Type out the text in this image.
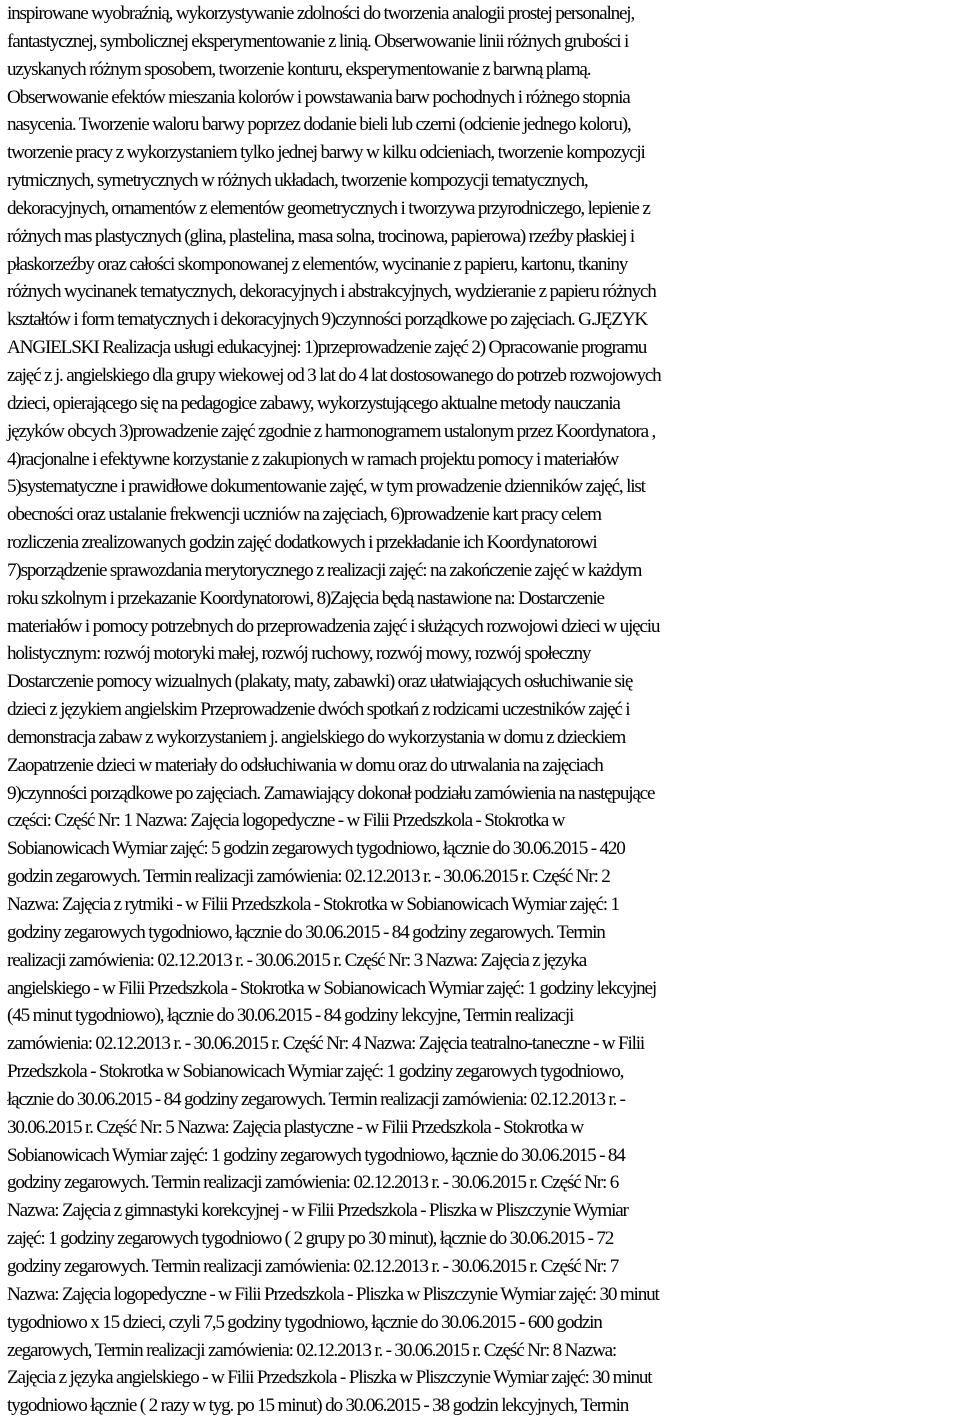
inspirowane wyobraźnią, wykorzystywanie zdolności do tworzenia analogii prostej personalnej,
fantastycznej, symbolicznej eksperymentowanie z linią. Obserwowanie linii różnych grubości i
uzyskanych różnym sposobem, tworzenie konturu, eksperymentowanie z barwną plamą.
Obserwowanie efektów mieszania kolorów i powstawania barw pochodnych i różnego stopnia
nasycenia. Tworzenie waloru barwy poprzez dodanie bieli lub czerni (odcienie jednego koloru),
tworzenie pracy z wykorzystaniem tylko jednej barwy w kilku odcieniach, tworzenie kompozycji
rytmicznych, symetrycznych w różnych układach, tworzenie kompozycji tematycznych,
dekoracyjnych, ornamentów z elementów geometrycznych i tworzywa przyrodniczego, lepienie z
różnych mas plastycznych (glina, plastelina, masa solna, trocinowa, papierowa) rzeźby płaskiej i
płaskorzeźby oraz całości skomponowanej z elementów, wycinanie z papieru, kartonu, tkaniny
różnych wycinanek tematycznych, dekoracyjnych i abstrakcyjnych, wydzieranie z papieru różnych
kształtów i form tematycznych i dekoracyjnych 9)czynności porządkowe po zajęciach. G.JĘZYK
ANGIELSKI Realizacja usługi edukacyjnej: 1)przeprowadzenie zajęć 2) Opracowanie programu
zajęć z j. angielskiego dla grupy wiekowej od 3 lat do 4 lat dostosowanego do potrzeb rozwojowych
dzieci, opierającego się na pedagogice zabawy, wykorzystującego aktualne metody nauczania
języków obcych 3)prowadzenie zajęć zgodnie z harmonogramem ustalonym przez Koordynatora ,
4)racjonalne i efektywne korzystanie z zakupionych w ramach projektu pomocy i materiałów
5)systematyczne i prawidłowe dokumentowanie zajęć, w tym prowadzenie dzienników zajęć, list
obecności oraz ustalanie frekwencji uczniów na zajęciach, 6)prowadzenie kart pracy celem
rozliczenia zrealizowanych godzin zajęć dodatkowych i przekładanie ich Koordynatorowi
7)sporządzenie sprawozdania merytorycznego z realizacji zajęć: na zakończenie zajęć w każdym
roku szkolnym i przekazanie Koordynatorowi, 8)Zajęcia będą nastawione na: Dostarczenie
materiałów i pomocy potrzebnych do przeprowadzenia zajęć i służących rozwojowi dzieci w ujęciu
holistycznym: rozwój motoryki małej, rozwój ruchowy, rozwój mowy, rozwój społeczny
Dostarczenie pomocy wizualnych (plakaty, maty, zabawki) oraz ułatwiających osłuchiwanie się
dzieci z językiem angielskim Przeprowadzenie dwóch spotkań z rodzicami uczestników zajęć i
demonstracja zabaw z wykorzystaniem j. angielskiego do wykorzystania w domu z dzieckiem
Zaopatrzenie dzieci w materiały do odsłuchiwania w domu oraz do utrwalania na zajęciach
9)czynności porządkowe po zajęciach. Zamawiający dokonał podziału zamówienia na następujące
części: Część Nr: 1 Nazwa: Zajęcia logopedyczne - w Filii Przedszkola - Stokrotka w
Sobianowicach Wymiar zajęć: 5 godzin zegarowych tygodniowo, łącznie do 30.06.2015 - 420
godzin zegarowych. Termin realizacji zamówienia: 02.12.2013 r. - 30.06.2015 r. Część Nr: 2
Nazwa: Zajęcia z rytmiki - w Filii Przedszkola - Stokrotka w Sobianowicach Wymiar zajęć: 1
godziny zegarowych tygodniowo, łącznie do 30.06.2015 - 84 godziny zegarowych. Termin
realizacji zamówienia: 02.12.2013 r. - 30.06.2015 r. Część Nr: 3 Nazwa: Zajęcia z języka
angielskiego - w Filii Przedszkola - Stokrotka w Sobianowicach Wymiar zajęć: 1 godziny lekcyjnej
(45 minut tygodniowo), łącznie do 30.06.2015 - 84 godziny lekcyjne, Termin realizacji
zamówienia: 02.12.2013 r. - 30.06.2015 r. Część Nr: 4 Nazwa: Zajęcia teatralno-taneczne - w Filii
Przedszkola - Stokrotka w Sobianowicach Wymiar zajęć: 1 godziny zegarowych tygodniowo,
łącznie do 30.06.2015 - 84 godziny zegarowych. Termin realizacji zamówienia: 02.12.2013 r. -
30.06.2015 r. Część Nr: 5 Nazwa: Zajęcia plastyczne - w Filii Przedszkola - Stokrotka w
Sobianowicach Wymiar zajęć: 1 godziny zegarowych tygodniowo, łącznie do 30.06.2015 - 84
godziny zegarowych. Termin realizacji zamówienia: 02.12.2013 r. - 30.06.2015 r. Część Nr: 6
Nazwa: Zajęcia z gimnastyki korekcyjnej - w Filii Przedszkola - Pliszka w Pliszczynie Wymiar
zajęć: 1 godziny zegarowych tygodniowo ( 2 grupy po 30 minut), łącznie do 30.06.2015 - 72
godziny zegarowych. Termin realizacji zamówienia: 02.12.2013 r. - 30.06.2015 r. Część Nr: 7
Nazwa: Zajęcia logopedyczne - w Filii Przedszkola - Pliszka w Pliszczynie Wymiar zajęć: 30 minut
tygodniowo x 15 dzieci, czyli 7,5 godziny tygodniowo, łącznie do 30.06.2015 - 600 godzin
zegarowych, Termin realizacji zamówienia: 02.12.2013 r. - 30.06.2015 r. Część Nr: 8 Nazwa:
Zajęcia z języka angielskiego - w Filii Przedszkola - Pliszka w Pliszczynie Wymiar zajęć: 30 minut
tygodniowo łącznie ( 2 razy w tyg. po 15 minut) do 30.06.2015 - 38 godzin lekcyjnych, Termin
